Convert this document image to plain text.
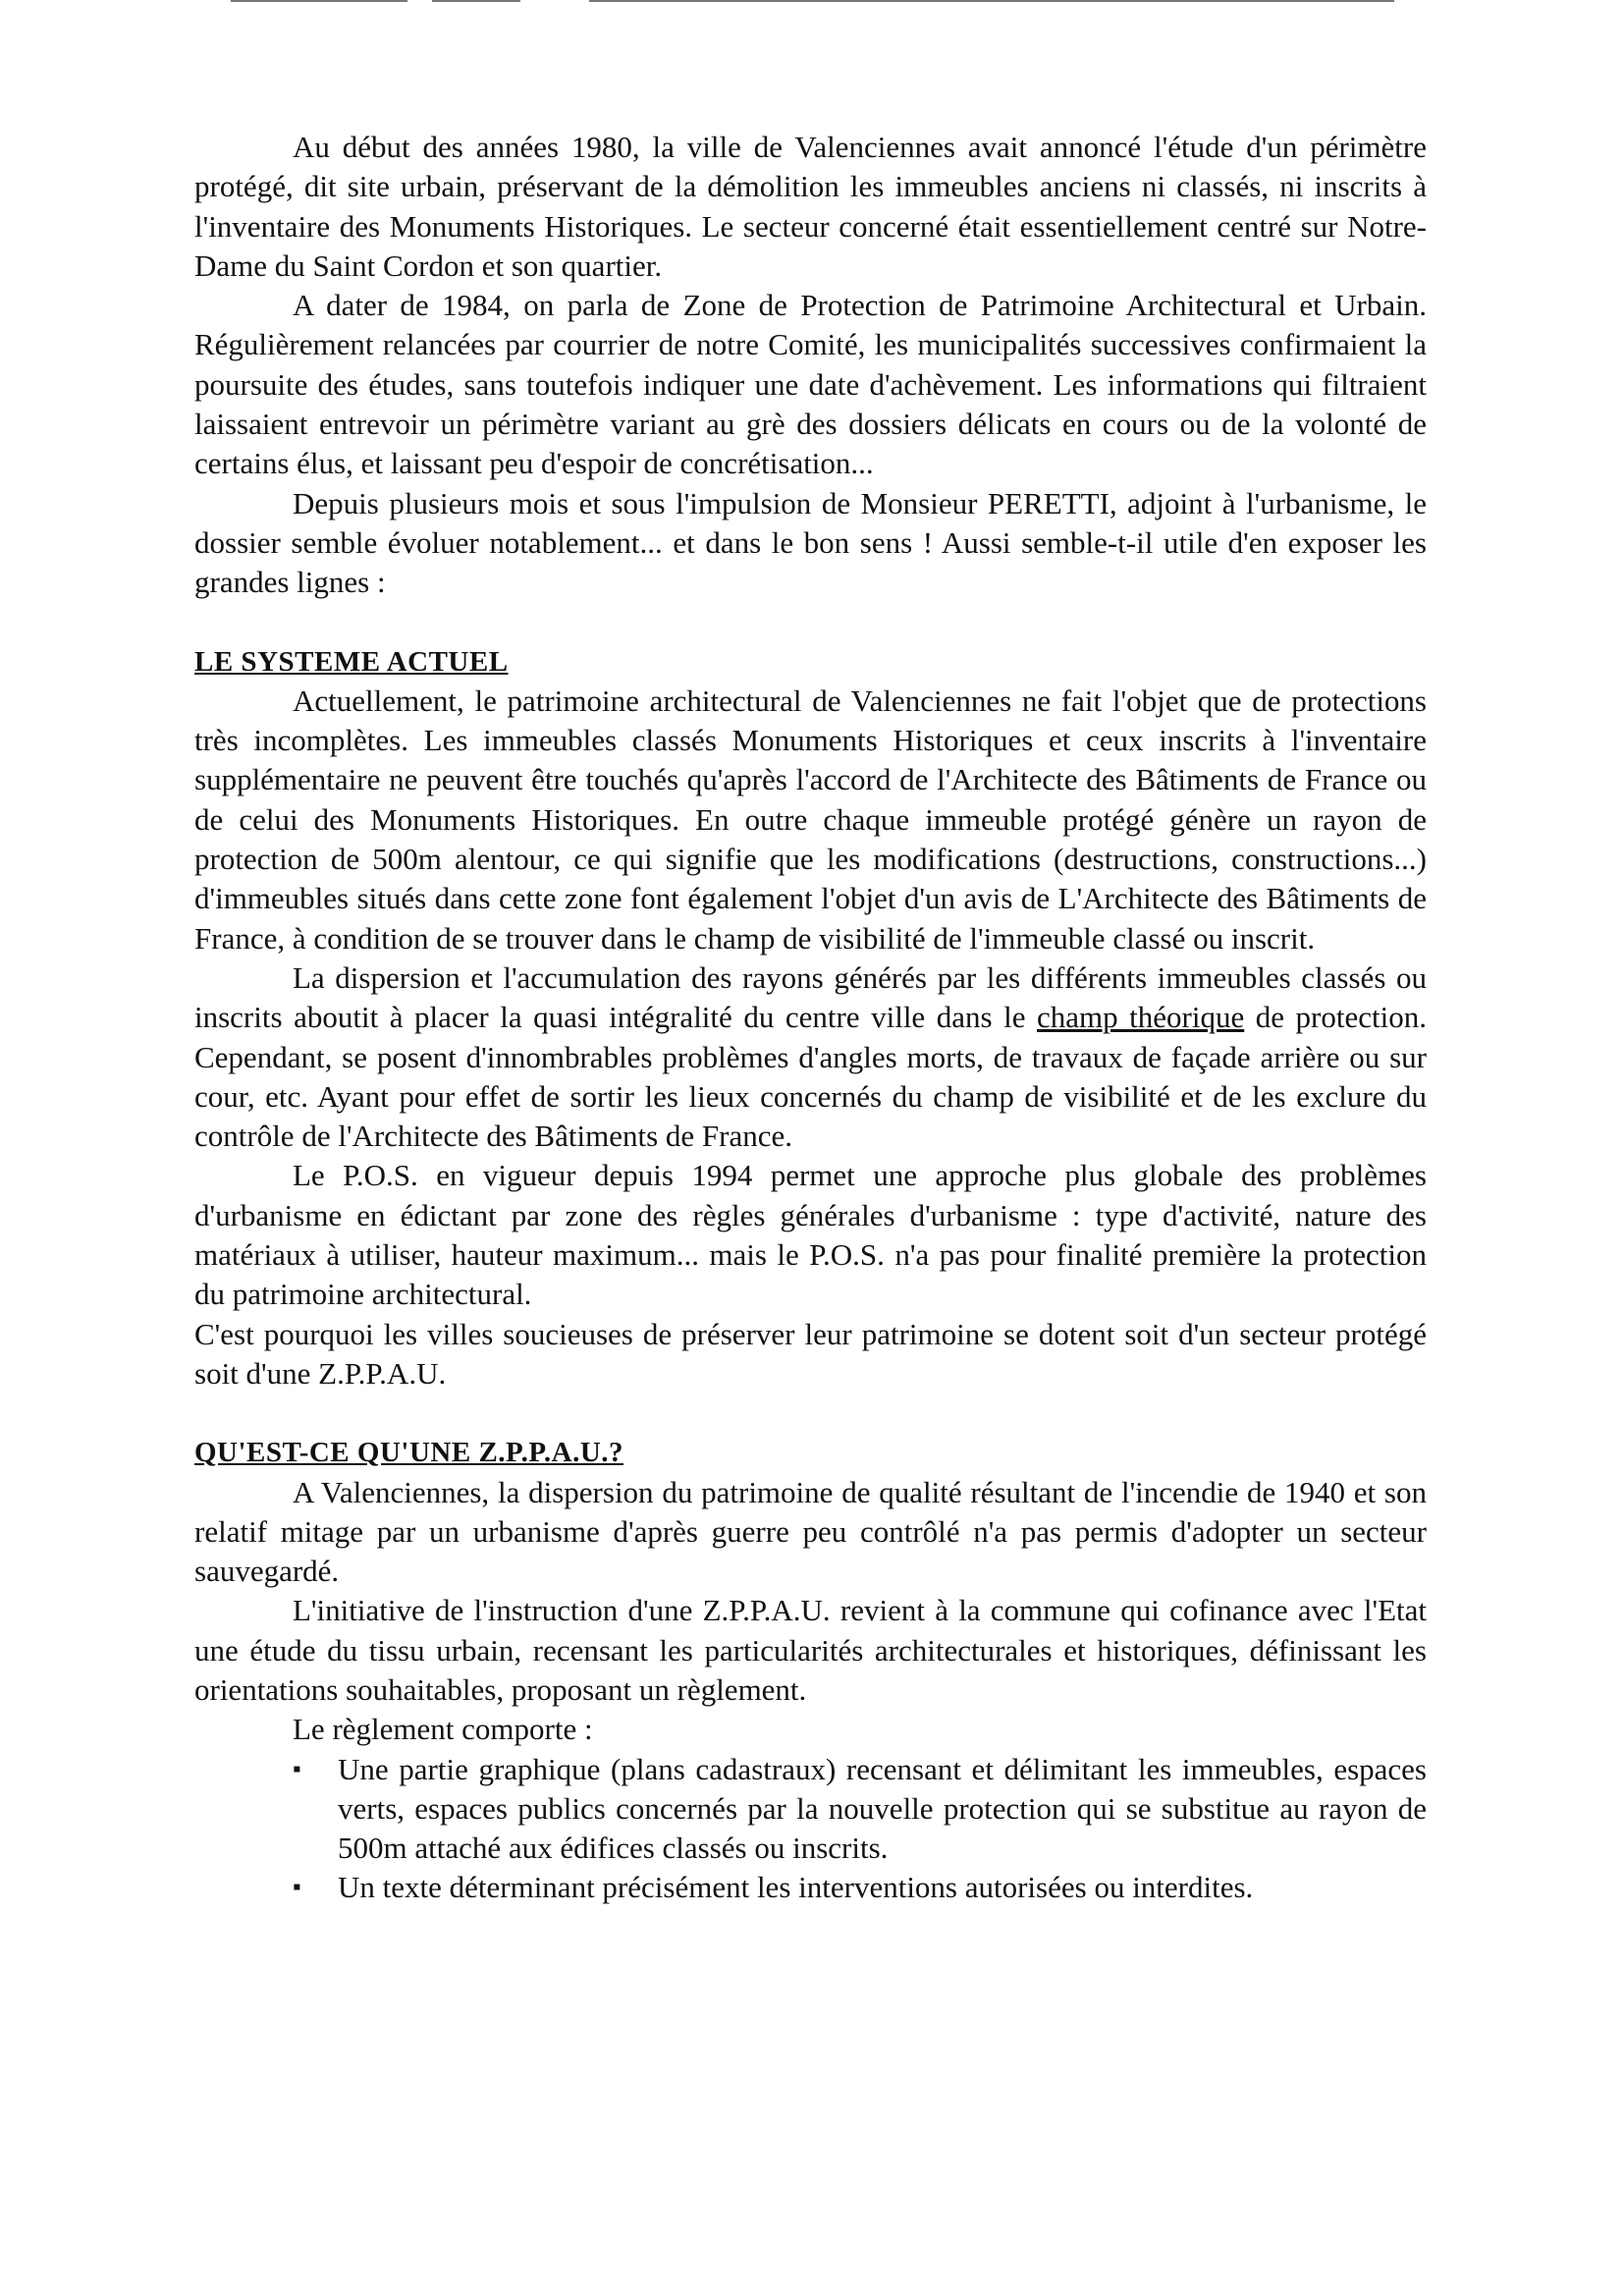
Au début des années 1980, la ville de Valenciennes avait annoncé l'étude d'un périmètre protégé, dit site urbain, préservant de la démolition les immeubles anciens ni classés, ni inscrits à l'inventaire des Monuments Historiques. Le secteur concerné était essentiellement centré sur Notre-Dame du Saint Cordon et son quartier.

A dater de 1984, on parla de Zone de Protection de Patrimoine Architectural et Urbain. Régulièrement relancées par courrier de notre Comité, les municipalités successives confirmaient la poursuite des études, sans toutefois indiquer une date d'achèvement. Les informations qui filtraient laissaient entrevoir un périmètre variant au grè des dossiers délicats en cours ou de la volonté de certains élus, et laissant peu d'espoir de concrétisation...

Depuis plusieurs mois et sous l'impulsion de Monsieur PERETTI, adjoint à l'urbanisme, le dossier semble évoluer notablement... et dans le bon sens ! Aussi semble-t-il utile d'en exposer les grandes lignes :

LE SYSTEME ACTUEL

Actuellement, le patrimoine architectural de Valenciennes ne fait l'objet que de protections très incomplètes. Les immeubles classés Monuments Historiques et ceux inscrits à l'inventaire supplémentaire ne peuvent être touchés qu'après l'accord de l'Architecte des Bâtiments de France ou de celui des Monuments Historiques. En outre chaque immeuble protégé génère un rayon de protection de 500m alentour, ce qui signifie que les modifications (destructions, constructions...) d'immeubles situés dans cette zone font également l'objet d'un avis de L'Architecte des Bâtiments de France, à condition de se trouver dans le champ de visibilité de l'immeuble classé ou inscrit.

La dispersion et l'accumulation des rayons générés par les différents immeubles classés ou inscrits aboutit à placer la quasi intégralité du centre ville dans le champ théorique de protection. Cependant, se posent d'innombrables problèmes d'angles morts, de travaux de façade arrière ou sur cour, etc. Ayant pour effet de sortir les lieux concernés du champ de visibilité et de les exclure du contrôle de l'Architecte des Bâtiments de France.

Le P.O.S. en vigueur depuis 1994 permet une approche plus globale des problèmes d'urbanisme en édictant par zone des règles générales d'urbanisme : type d'activité, nature des matériaux à utiliser, hauteur maximum... mais le P.O.S. n'a pas pour finalité première la protection du patrimoine architectural.

C'est pourquoi les villes soucieuses de préserver leur patrimoine se dotent soit d'un secteur protégé soit d'une Z.P.P.A.U.

QU'EST-CE QU'UNE Z.P.P.A.U.?

A Valenciennes, la dispersion du patrimoine de qualité résultant de l'incendie de 1940 et son relatif mitage par un urbanisme d'après guerre peu contrôlé n'a pas permis d'adopter un secteur sauvegardé.

L'initiative de l'instruction d'une Z.P.P.A.U. revient à la commune qui cofinance avec l'Etat une étude du tissu urbain, recensant les particularités architecturales et historiques, définissant les orientations souhaitables, proposant un règlement.

Le règlement comporte :

▪	Une partie graphique (plans cadastraux) recensant et délimitant les immeubles, espaces verts, espaces publics concernés par la nouvelle protection qui se substitue au rayon de 500m attaché aux édifices classés ou inscrits.
▪	Un texte déterminant précisément les interventions autorisées ou interdites.
